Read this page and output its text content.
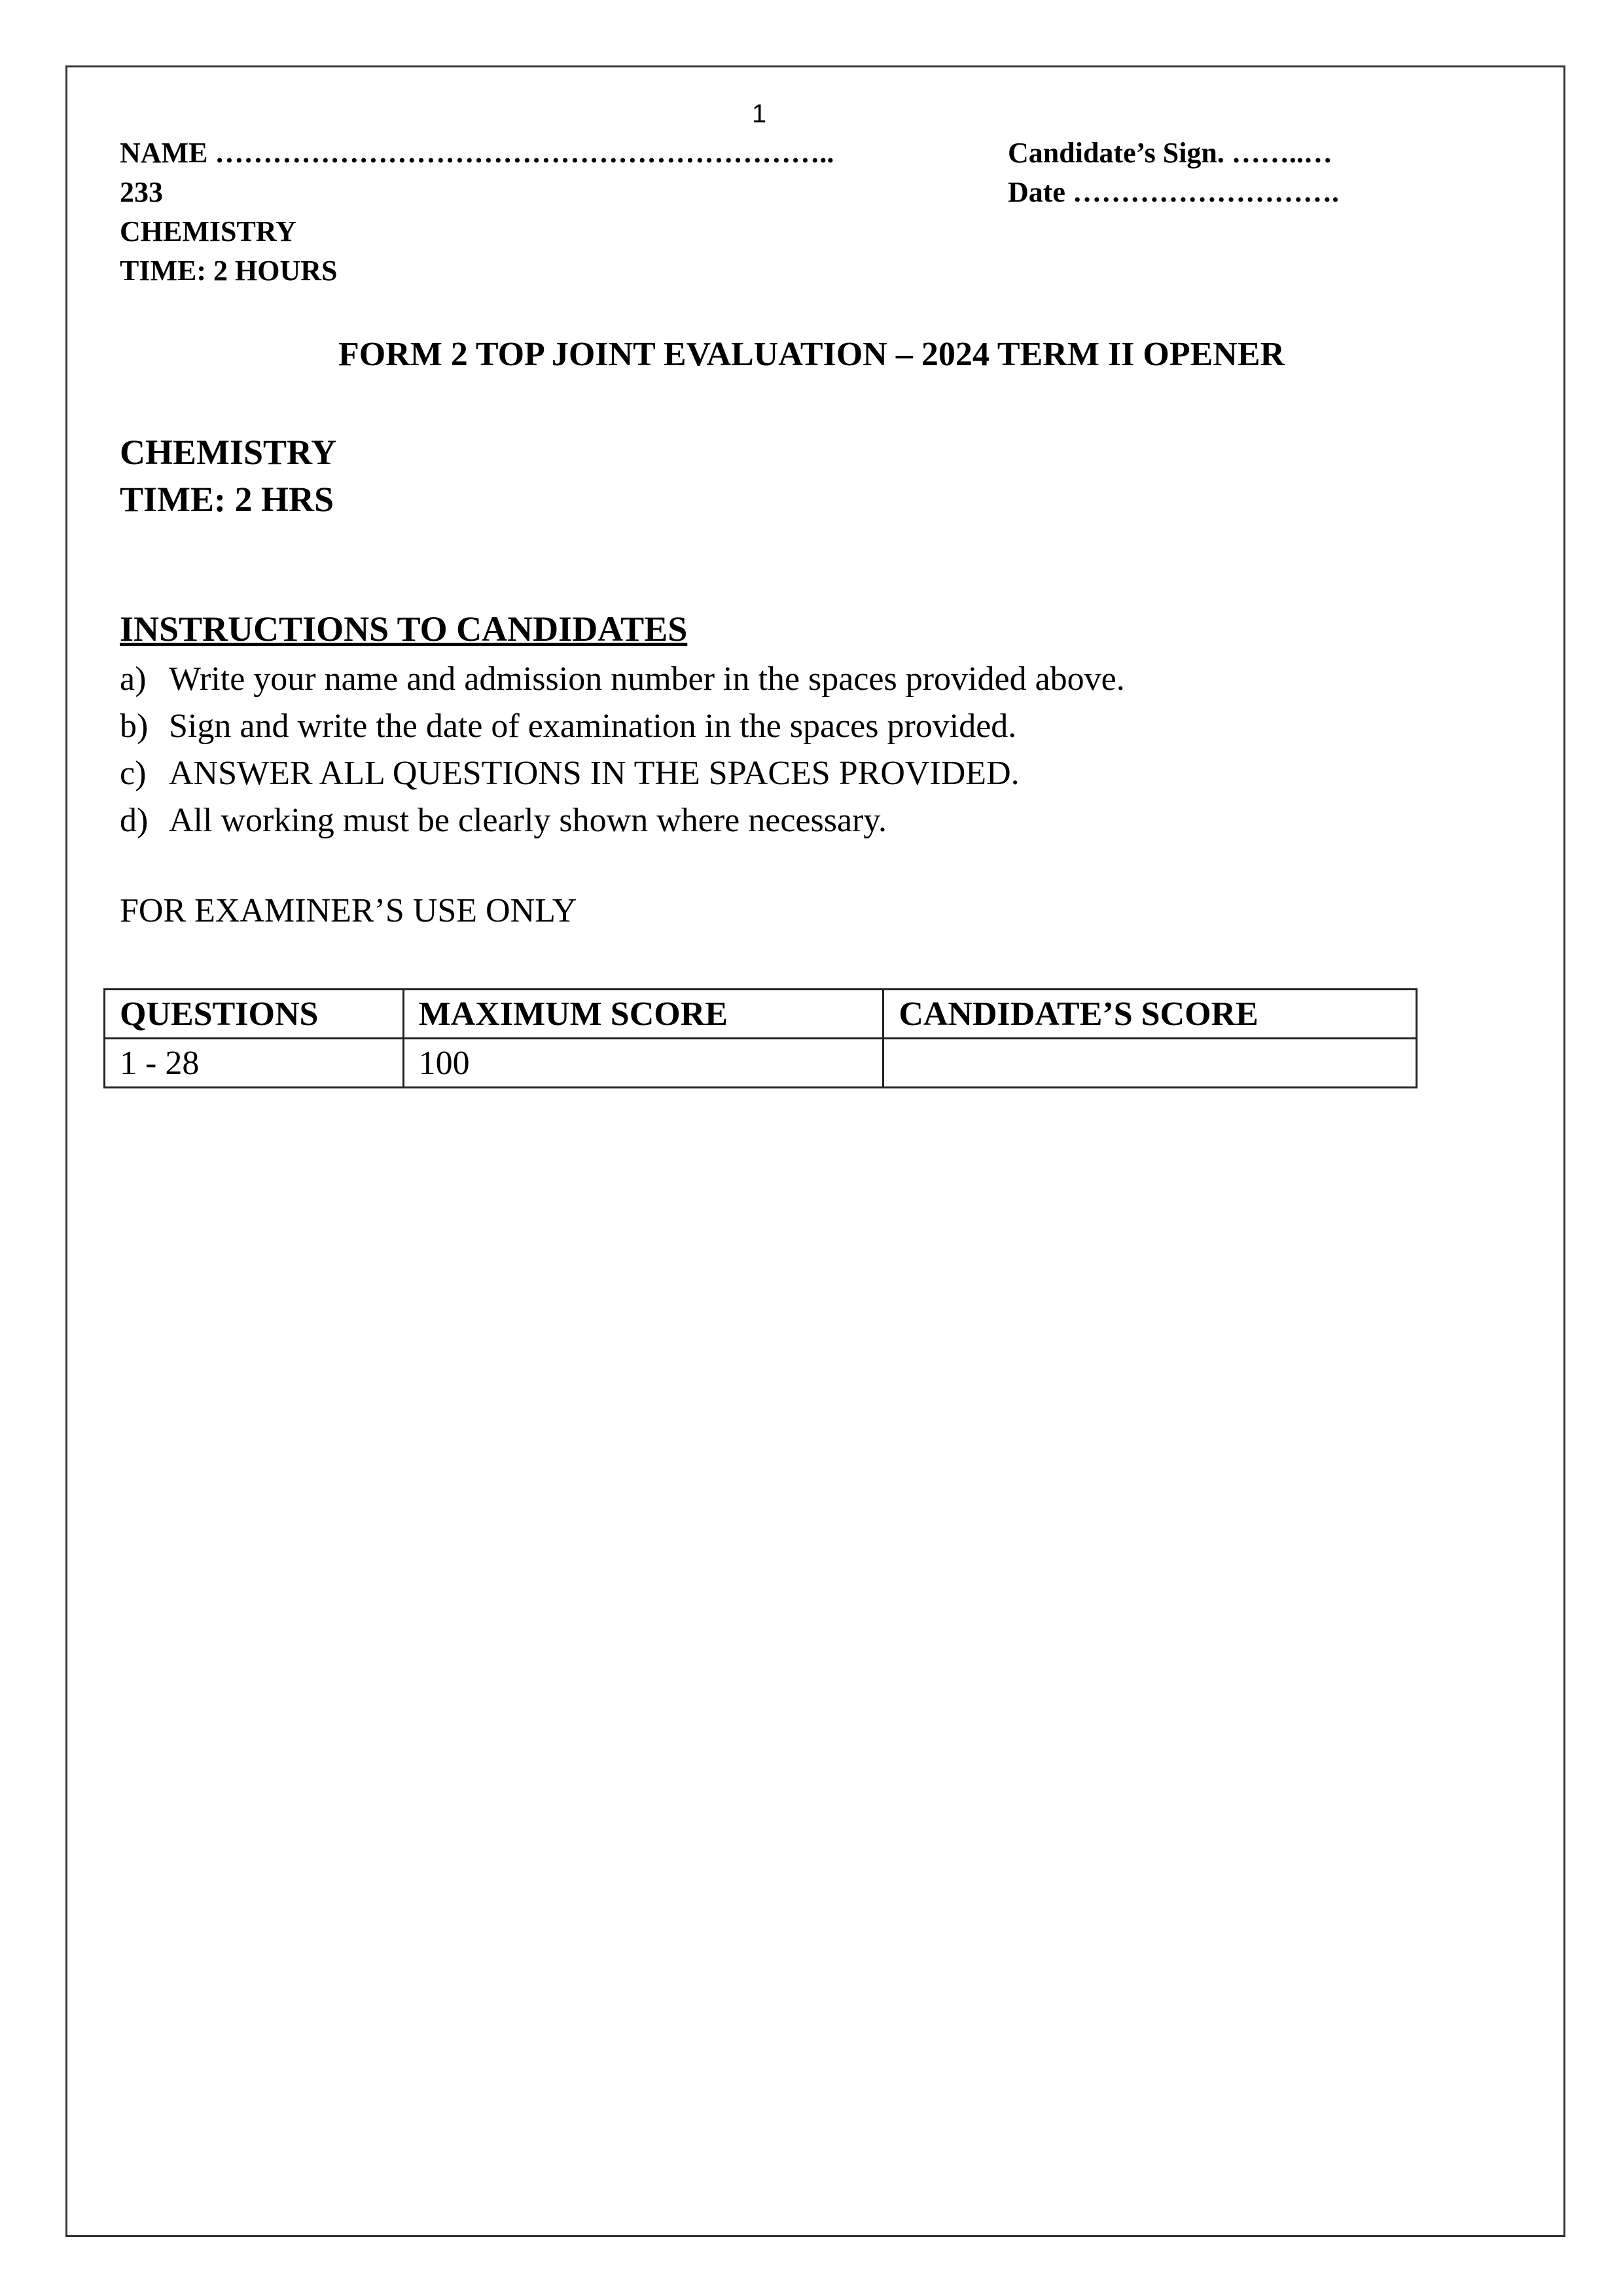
1
NAME ………………………………………………………..
233
CHEMISTRY
TIME: 2 HOURS
Candidate’s Sign. ……..…
Date ……………………….
FORM 2 TOP JOINT EVALUATION – 2024 TERM II OPENER
CHEMISTRY
TIME: 2 HRS
INSTRUCTIONS TO CANDIDATES
a) Write your name and admission number in the spaces provided above.
b) Sign and write the date of examination in the spaces provided.
c) ANSWER ALL QUESTIONS IN THE SPACES PROVIDED.
d) All working must be clearly shown where necessary.
FOR EXAMINER’S USE ONLY
QUESTIONS	MAXIMUM SCORE	CANDIDATE’S SCORE
1 - 28	100	
